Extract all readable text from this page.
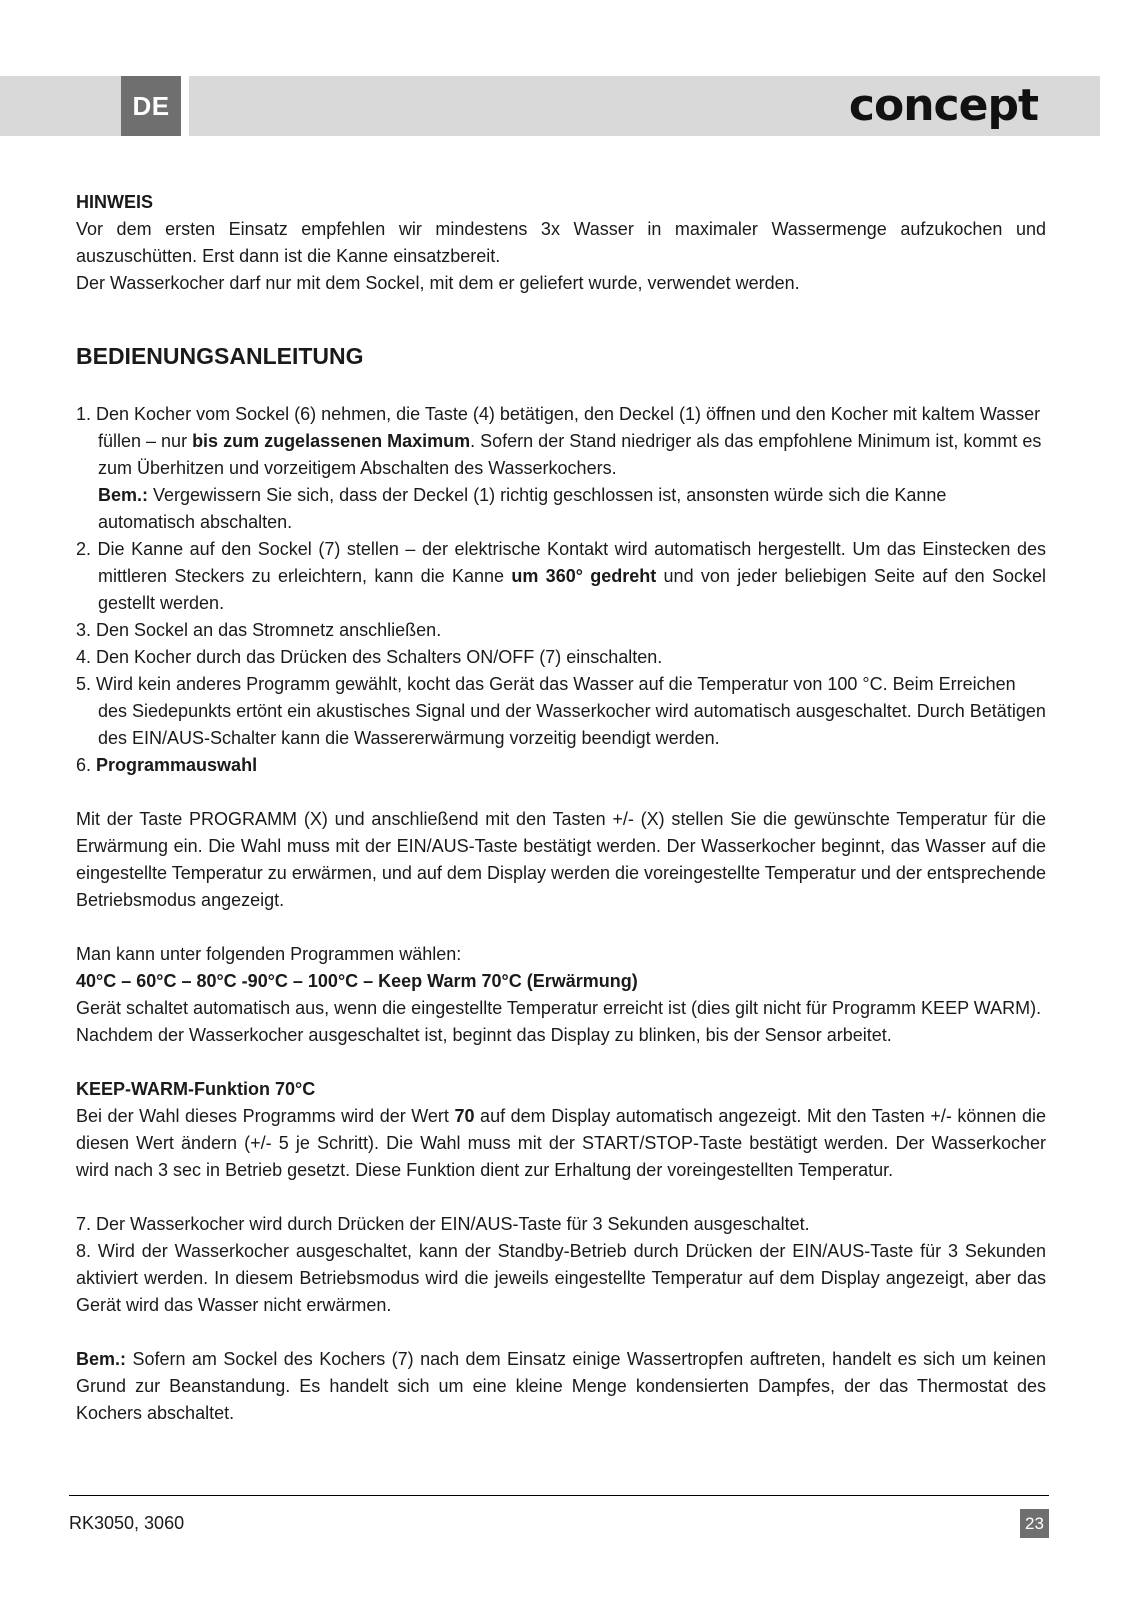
DE	concept

HINWEIS

Vor dem ersten Einsatz empfehlen wir mindestens 3x Wasser in maximaler Wassermenge aufzukochen und auszuschütten. Erst dann ist die Kanne einsatzbereit.

Der Wasserkocher darf nur mit dem Sockel, mit dem er geliefert wurde, verwendet werden.

BEDIENUNGSANLEITUNG

1. Den Kocher vom Sockel (6) nehmen, die Taste (4) betätigen, den Deckel (1) öffnen und den Kocher mit kaltem Wasser füllen – nur bis zum zugelassenen Maximum. Sofern der Stand niedriger als das empfohlene Minimum ist, kommt es zum Überhitzen und vorzeitigem Abschalten des Wasserkochers.

Bem.: Vergewissern Sie sich, dass der Deckel (1) richtig geschlossen ist, ansonsten würde sich die Kanne automatisch abschalten.

2. Die Kanne auf den Sockel (7) stellen – der elektrische Kontakt wird automatisch hergestellt. Um das Einstecken des mittleren Steckers zu erleichtern, kann die Kanne um 360° gedreht und von jeder beliebigen Seite auf den Sockel gestellt werden.

3. Den Sockel an das Stromnetz anschließen.

4. Den Kocher durch das Drücken des Schalters ON/OFF (7) einschalten.

5. Wird kein anderes Programm gewählt, kocht das Gerät das Wasser auf die Temperatur von 100 °C. Beim Erreichen des Siedepunkts ertönt ein akustisches Signal und der Wasserkocher wird automatisch ausgeschaltet. Durch Betätigen des EIN/AUS-Schalter kann die Wassererwärmung vorzeitig beendigt werden.

6. Programmauswahl

Mit der Taste PROGRAMM (X) und anschließend mit den Tasten +/- (X) stellen Sie die gewünschte Temperatur für die Erwärmung ein. Die Wahl muss mit der EIN/AUS-Taste bestätigt werden. Der Wasserkocher beginnt, das Wasser auf die eingestellte Temperatur zu erwärmen, und auf dem Display werden die voreingestellte Temperatur und der entsprechende Betriebsmodus angezeigt.

Man kann unter folgenden Programmen wählen:

40°C – 60°C – 80°C -90°C – 100°C – Keep Warm 70°C (Erwärmung)

Gerät schaltet automatisch aus, wenn die eingestellte Temperatur erreicht ist (dies gilt nicht für Programm KEEP WARM).

Nachdem der Wasserkocher ausgeschaltet ist, beginnt das Display zu blinken, bis der Sensor arbeitet.

KEEP-WARM-Funktion 70°C

Bei der Wahl dieses Programms wird der Wert 70 auf dem Display automatisch angezeigt. Mit den Tasten +/- können die diesen Wert ändern (+/- 5 je Schritt). Die Wahl muss mit der START/STOP-Taste bestätigt werden. Der Wasserkocher wird nach 3 sec in Betrieb gesetzt. Diese Funktion dient zur Erhaltung der voreingestellten Temperatur.

7. Der Wasserkocher wird durch Drücken der EIN/AUS-Taste für 3 Sekunden ausgeschaltet.

8. Wird der Wasserkocher ausgeschaltet, kann der Standby-Betrieb durch Drücken der EIN/AUS-Taste für 3 Sekunden aktiviert werden. In diesem Betriebsmodus wird die jeweils eingestellte Temperatur auf dem Display angezeigt, aber das Gerät wird das Wasser nicht erwärmen.

Bem.: Sofern am Sockel des Kochers (7) nach dem Einsatz einige Wassertropfen auftreten, handelt es sich um keinen Grund zur Beanstandung. Es handelt sich um eine kleine Menge kondensierten Dampfes, der das Thermostat des Kochers abschaltet.

RK3050, 3060	23
